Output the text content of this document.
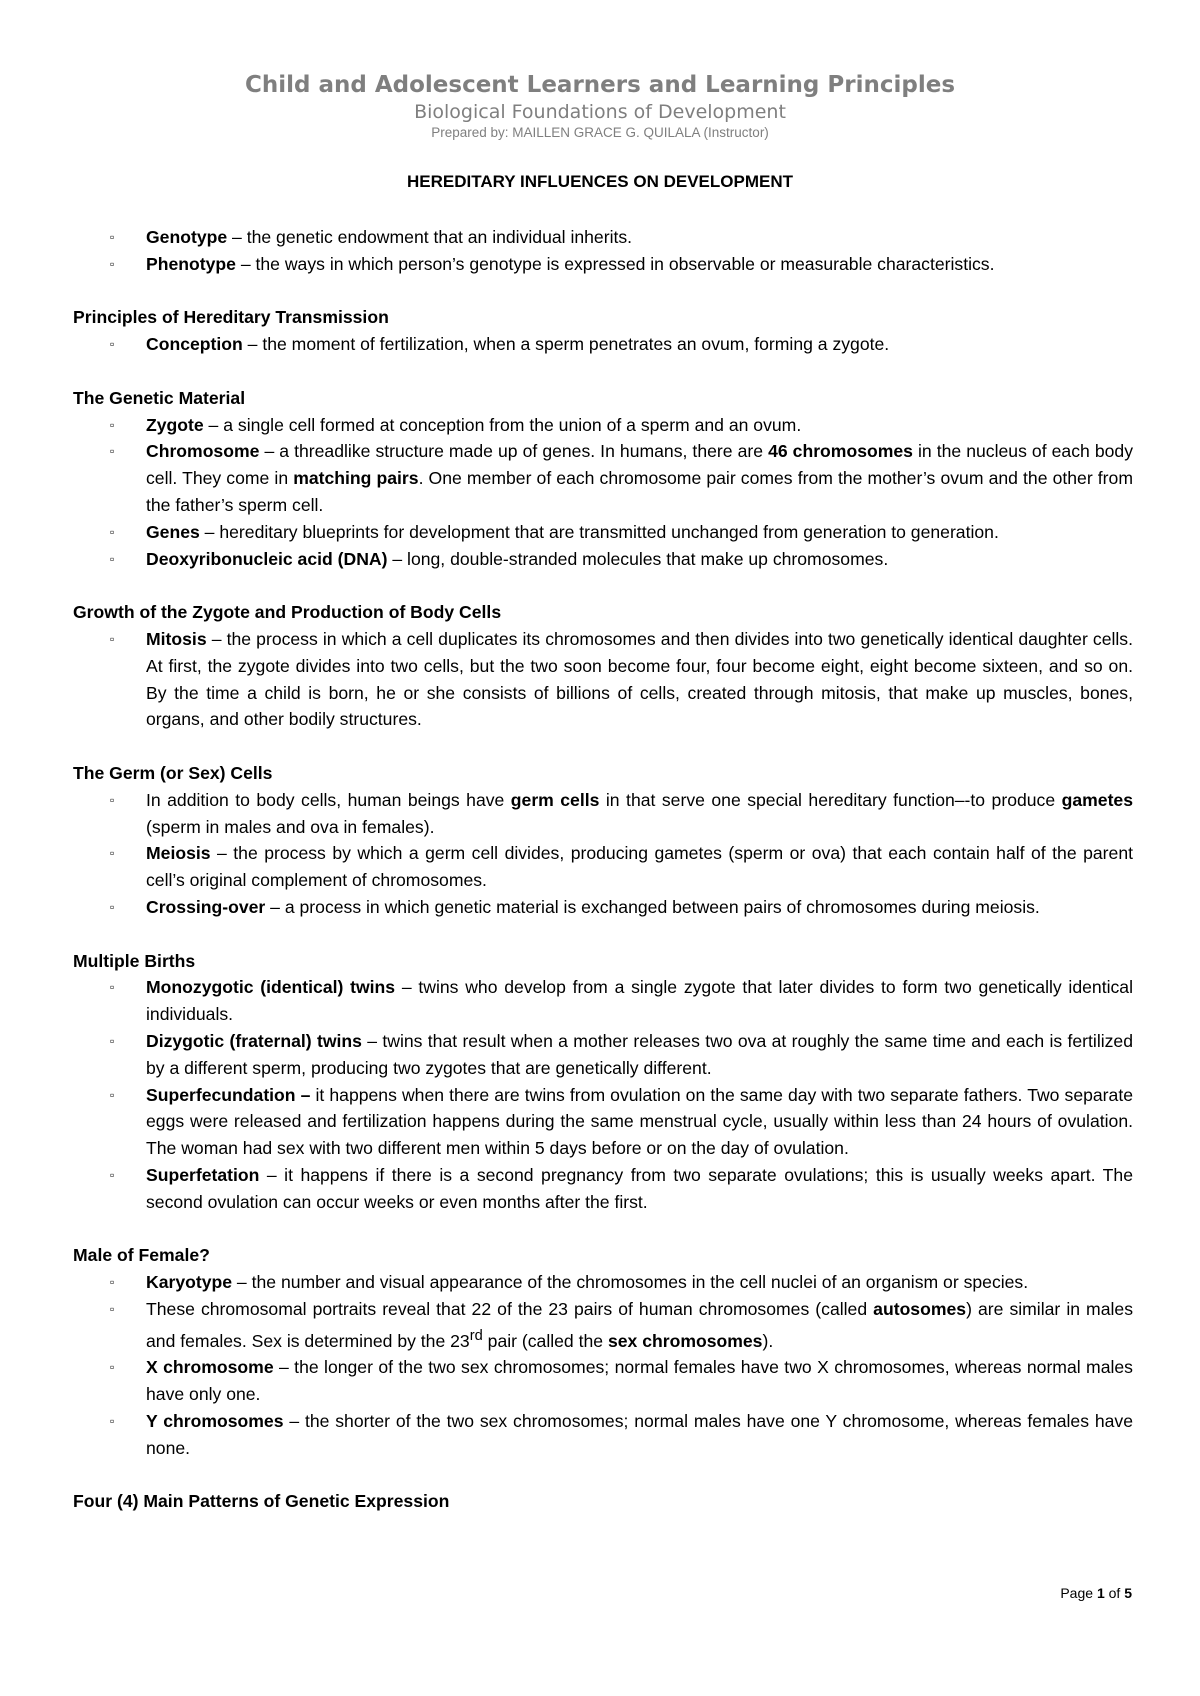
Child and Adolescent Learners and Learning Principles
Biological Foundations of Development
Prepared by: MAILLEN GRACE G. QUILALA (Instructor)
HEREDITARY INFLUENCES ON DEVELOPMENT
▫ Genotype – the genetic endowment that an individual inherits.
▫ Phenotype – the ways in which person’s genotype is expressed in observable or measurable characteristics.
Principles of Hereditary Transmission
▫ Conception – the moment of fertilization, when a sperm penetrates an ovum, forming a zygote.
The Genetic Material
▫ Zygote – a single cell formed at conception from the union of a sperm and an ovum.
▫ Chromosome – a threadlike structure made up of genes. In humans, there are 46 chromosomes in the nucleus of each body cell. They come in matching pairs. One member of each chromosome pair comes from the mother’s ovum and the other from the father’s sperm cell.
▫ Genes – hereditary blueprints for development that are transmitted unchanged from generation to generation.
▫ Deoxyribonucleic acid (DNA) – long, double-stranded molecules that make up chromosomes.
Growth of the Zygote and Production of Body Cells
▫ Mitosis – the process in which a cell duplicates its chromosomes and then divides into two genetically identical daughter cells. At first, the zygote divides into two cells, but the two soon become four, four become eight, eight become sixteen, and so on. By the time a child is born, he or she consists of billions of cells, created through mitosis, that make up muscles, bones, organs, and other bodily structures.
The Germ (or Sex) Cells
▫ In addition to body cells, human beings have germ cells in that serve one special hereditary function–-to produce gametes (sperm in males and ova in females).
▫ Meiosis – the process by which a germ cell divides, producing gametes (sperm or ova) that each contain half of the parent cell’s original complement of chromosomes.
▫ Crossing-over – a process in which genetic material is exchanged between pairs of chromosomes during meiosis.
Multiple Births
▫ Monozygotic (identical) twins – twins who develop from a single zygote that later divides to form two genetically identical individuals.
▫ Dizygotic (fraternal) twins – twins that result when a mother releases two ova at roughly the same time and each is fertilized by a different sperm, producing two zygotes that are genetically different.
▫ Superfecundation – it happens when there are twins from ovulation on the same day with two separate fathers. Two separate eggs were released and fertilization happens during the same menstrual cycle, usually within less than 24 hours of ovulation. The woman had sex with two different men within 5 days before or on the day of ovulation.
▫ Superfetation – it happens if there is a second pregnancy from two separate ovulations; this is usually weeks apart. The second ovulation can occur weeks or even months after the first.
Male of Female?
▫ Karyotype – the number and visual appearance of the chromosomes in the cell nuclei of an organism or species.
▫ These chromosomal portraits reveal that 22 of the 23 pairs of human chromosomes (called autosomes) are similar in males and females. Sex is determined by the 23rd pair (called the sex chromosomes).
▫ X chromosome – the longer of the two sex chromosomes; normal females have two X chromosomes, whereas normal males have only one.
▫ Y chromosomes – the shorter of the two sex chromosomes; normal males have one Y chromosome, whereas females have none.
Four (4) Main Patterns of Genetic Expression
Page 1 of 5
